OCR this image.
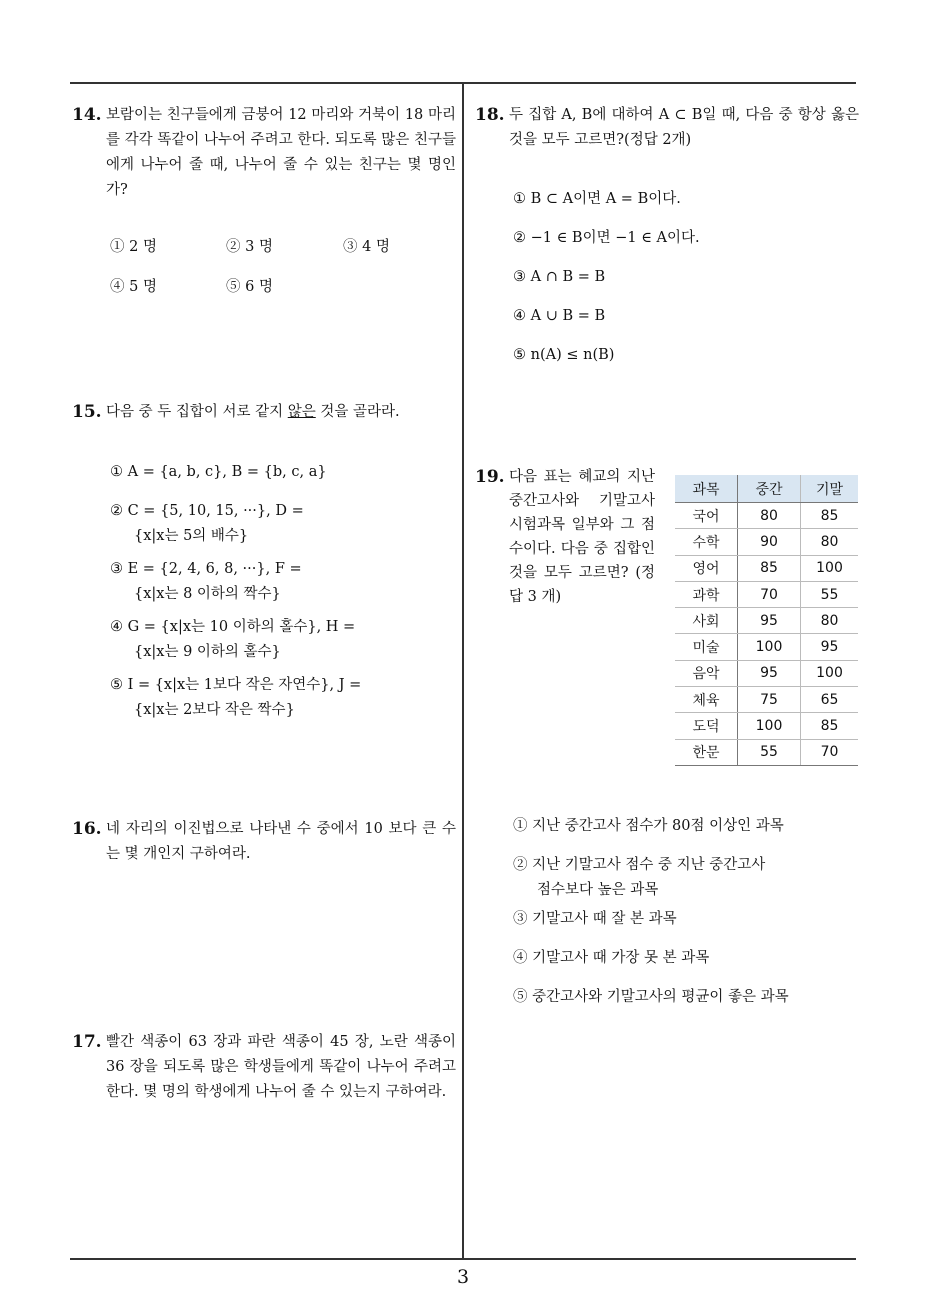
14. 보람이는 친구들에게 금붕어 12 마리와 거북이 18 마리를 각각 똑같이 나누어 주려고 한다. 되도록 많은 친구들에게 나누어 줄 때, 나누어 줄 수 있는 친구는 몇 명인가?
① 2 명	② 3 명	③ 4 명
④ 5 명	⑤ 6 명
15. 다음 중 두 집합이 서로 같지 않은 것을 골라라.
① A = {a, b, c}, B = {b, c, a}
② C = {5, 10, 15, ···}, D =
{x|x는 5의 배수}
③ E = {2, 4, 6, 8, ···}, F =
{x|x는 8 이하의 짝수}
④ G = {x|x는 10 이하의 홀수}, H =
{x|x는 9 이하의 홀수}
⑤ I = {x|x는 1보다 작은 자연수}, J =
{x|x는 2보다 작은 짝수}
16. 네 자리의 이진법으로 나타낸 수 중에서 10 보다 큰 수는 몇 개인지 구하여라.
17. 빨간 색종이 63 장과 파란 색종이 45 장, 노란 색종이 36 장을 되도록 많은 학생들에게 똑같이 나누어 주려고 한다. 몇 명의 학생에게 나누어 줄 수 있는지 구하여라.
18. 두 집합 A, B에 대하여 A ⊂ B일 때, 다음 중 항상 옳은 것을 모두 고르면?(정답 2개)
① B ⊂ A이면 A = B이다.
② −1 ∈ B이면 −1 ∈ A이다.
③ A ∩ B = B
④ A ∪ B = B
⑤ n(A) ≤ n(B)
19. 다음 표는 혜교의 지난 중간고사와 기말고사 시험과목 일부와 그 점수이다. 다음 중 집합인 것을 모두 고르면? (정답 3 개)
과목	중간	기말
국어	80	85
수학	90	80
영어	85	100
과학	70	55
사회	95	80
미술	100	95
음악	95	100
체육	75	65
도덕	100	85
한문	55	70
① 지난 중간고사 점수가 80점 이상인 과목
② 지난 기말고사 점수 중 지난 중간고사
점수보다 높은 과목
③ 기말고사 때 잘 본 과목
④ 기말고사 때 가장 못 본 과목
⑤ 중간고사와 기말고사의 평균이 좋은 과목
3
